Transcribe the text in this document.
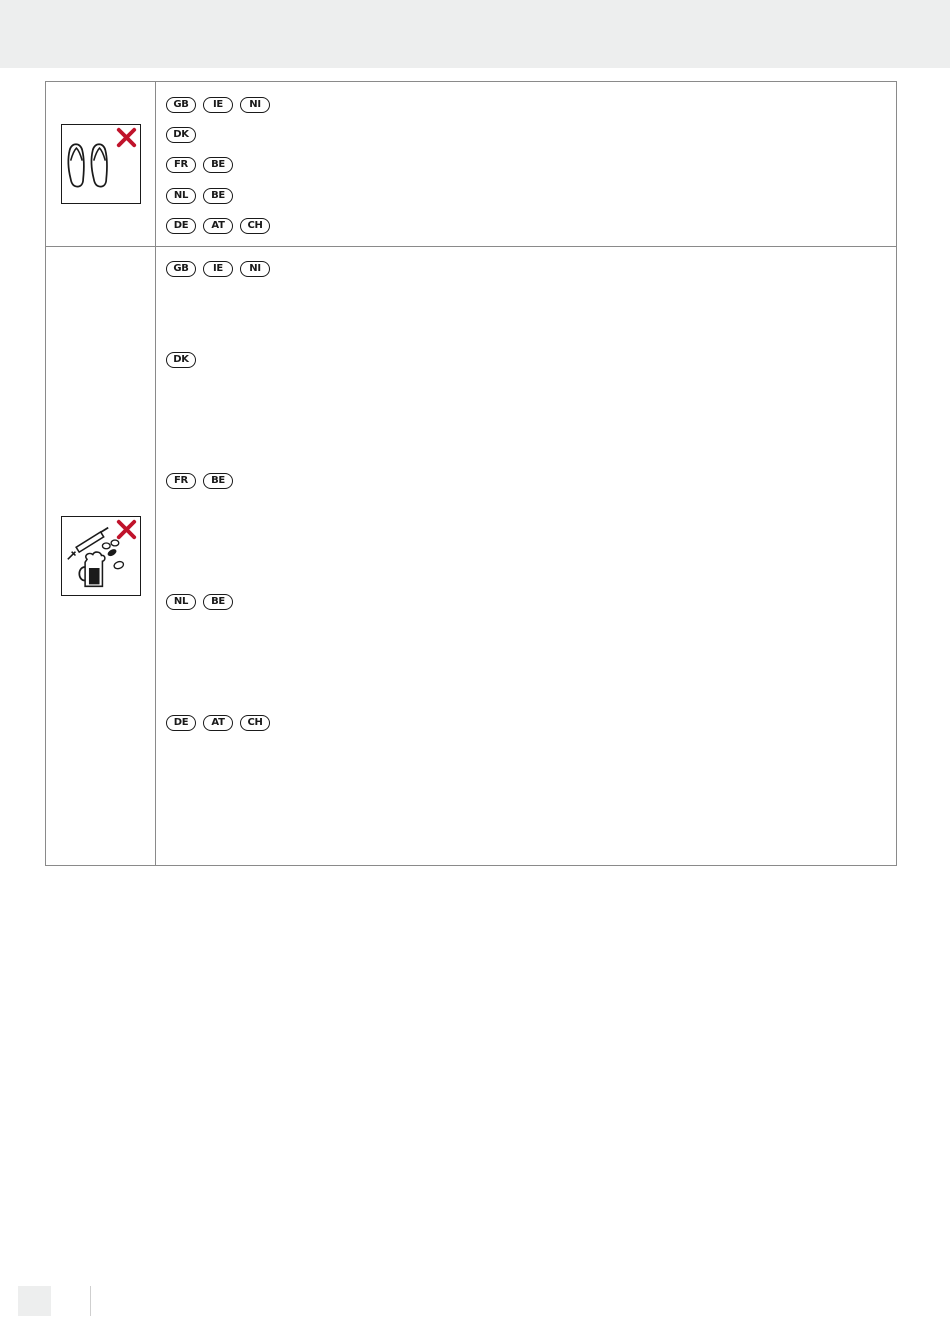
GB	IE	NI
DK
FR	BE
NL	BE
DE	AT	CH
GB	IE	NI
DK
FR	BE
NL	BE
DE	AT	CH
